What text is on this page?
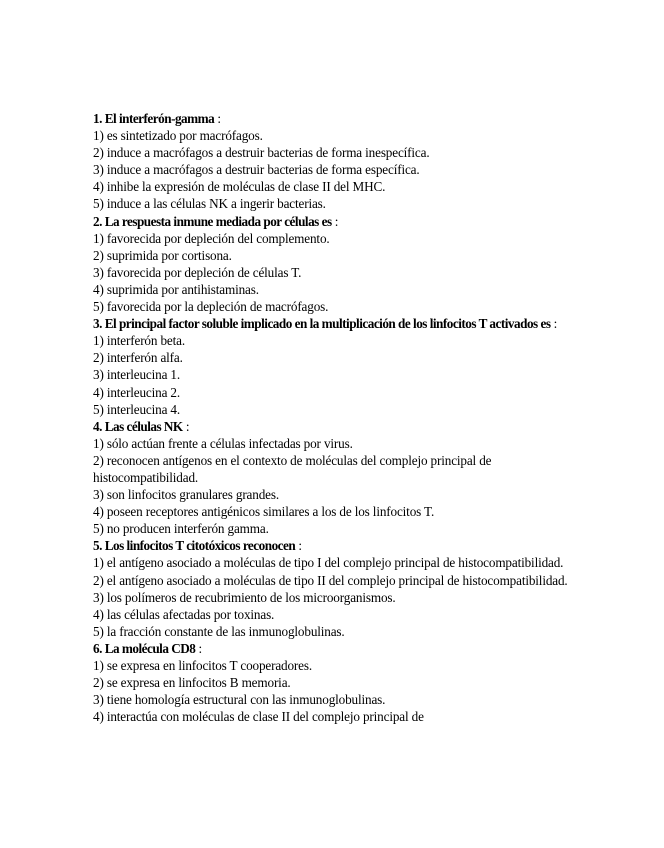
1. El interferón-gamma :
1) es sintetizado por macrófagos.
2) induce a macrófagos a destruir bacterias de forma inespecífica.
3) induce a macrófagos a destruir bacterias de forma específica.
4) inhibe la expresión de moléculas de clase II del MHC.
5) induce a las células NK a ingerir bacterias.
2. La respuesta inmune mediada por células es :
1) favorecida por depleción del complemento.
2) suprimida por cortisona.
3) favorecida por depleción de células T.
4) suprimida por antihistaminas.
5) favorecida por la depleción de macrófagos.
3. El principal factor soluble implicado en la multiplicación de los linfocitos T activados es :
1) interferón beta.
2) interferón alfa.
3) interleucina 1.
4) interleucina 2.
5) interleucina 4.
4. Las células NK :
1) sólo actúan frente a células infectadas por virus.
2) reconocen antígenos en el contexto de moléculas del complejo principal de histocompatibilidad.
3) son linfocitos granulares grandes.
4) poseen receptores antigénicos similares a los de los linfocitos T.
5) no producen interferón gamma.
5. Los linfocitos T citotóxicos reconocen :
1) el antígeno asociado a moléculas de tipo I del complejo principal de histocompatibilidad.
2) el antígeno asociado a moléculas de tipo II del complejo principal de histocompatibilidad.
3) los polímeros de recubrimiento de los microorganismos.
4) las células afectadas por toxinas.
5) la fracción constante de las inmunoglobulinas.
6. La molécula CD8 :
1) se expresa en linfocitos T cooperadores.
2) se expresa en linfocitos B memoria.
3) tiene homología estructural con las inmunoglobulinas.
4) interactúa con moléculas de clase II del complejo principal de
